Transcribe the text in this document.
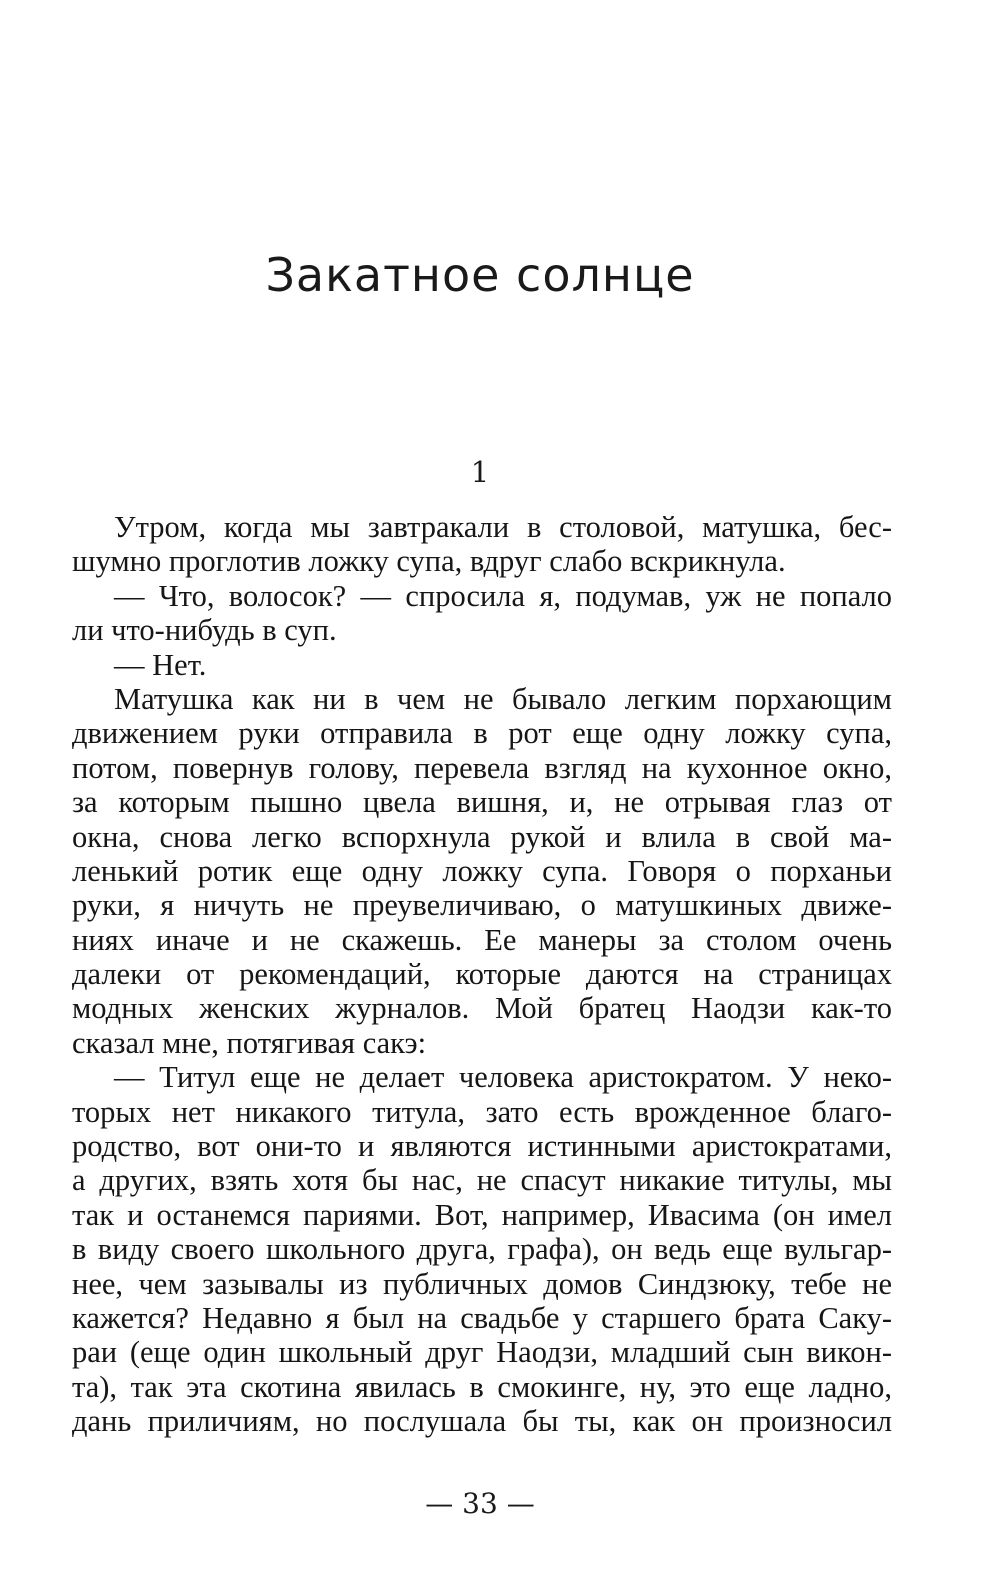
Закатное солнце
1
Утром, когда мы завтракали в столовой, матушка, бес-
шумно проглотив ложку супа, вдруг слабо вскрикнула.
— Что, волосок? — спросила я, подумав, уж не попало
ли что-нибудь в суп.
— Нет.
Матушка как ни в чем не бывало легким порхающим
движением руки отправила в рот еще одну ложку супа,
потом, повернув голову, перевела взгляд на кухонное окно,
за которым пышно цвела вишня, и, не отрывая глаз от
окна, снова легко вспорхнула рукой и влила в свой ма-
ленький ротик еще одну ложку супа. Говоря о порханьи
руки, я ничуть не преувеличиваю, о матушкиных движе-
ниях иначе и не скажешь. Ее манеры за столом очень
далеки от рекомендаций, которые даются на страницах
модных женских журналов. Мой братец Наодзи как-то
сказал мне, потягивая сакэ:
— Титул еще не делает человека аристократом. У неко-
торых нет никакого титула, зато есть врожденное благо-
родство, вот они-то и являются истинными аристократами,
а других, взять хотя бы нас, не спасут никакие титулы, мы
так и останемся париями. Вот, например, Ивасима (он имел
в виду своего школьного друга, графа), он ведь еще вульгар-
нее, чем зазывалы из публичных домов Синдзюку, тебе не
кажется? Недавно я был на свадьбе у старшего брата Саку-
раи (еще один школьный друг Наодзи, младший сын викон-
та), так эта скотина явилась в смокинге, ну, это еще ладно,
дань приличиям, но послушала бы ты, как он произносил
— 33 —
